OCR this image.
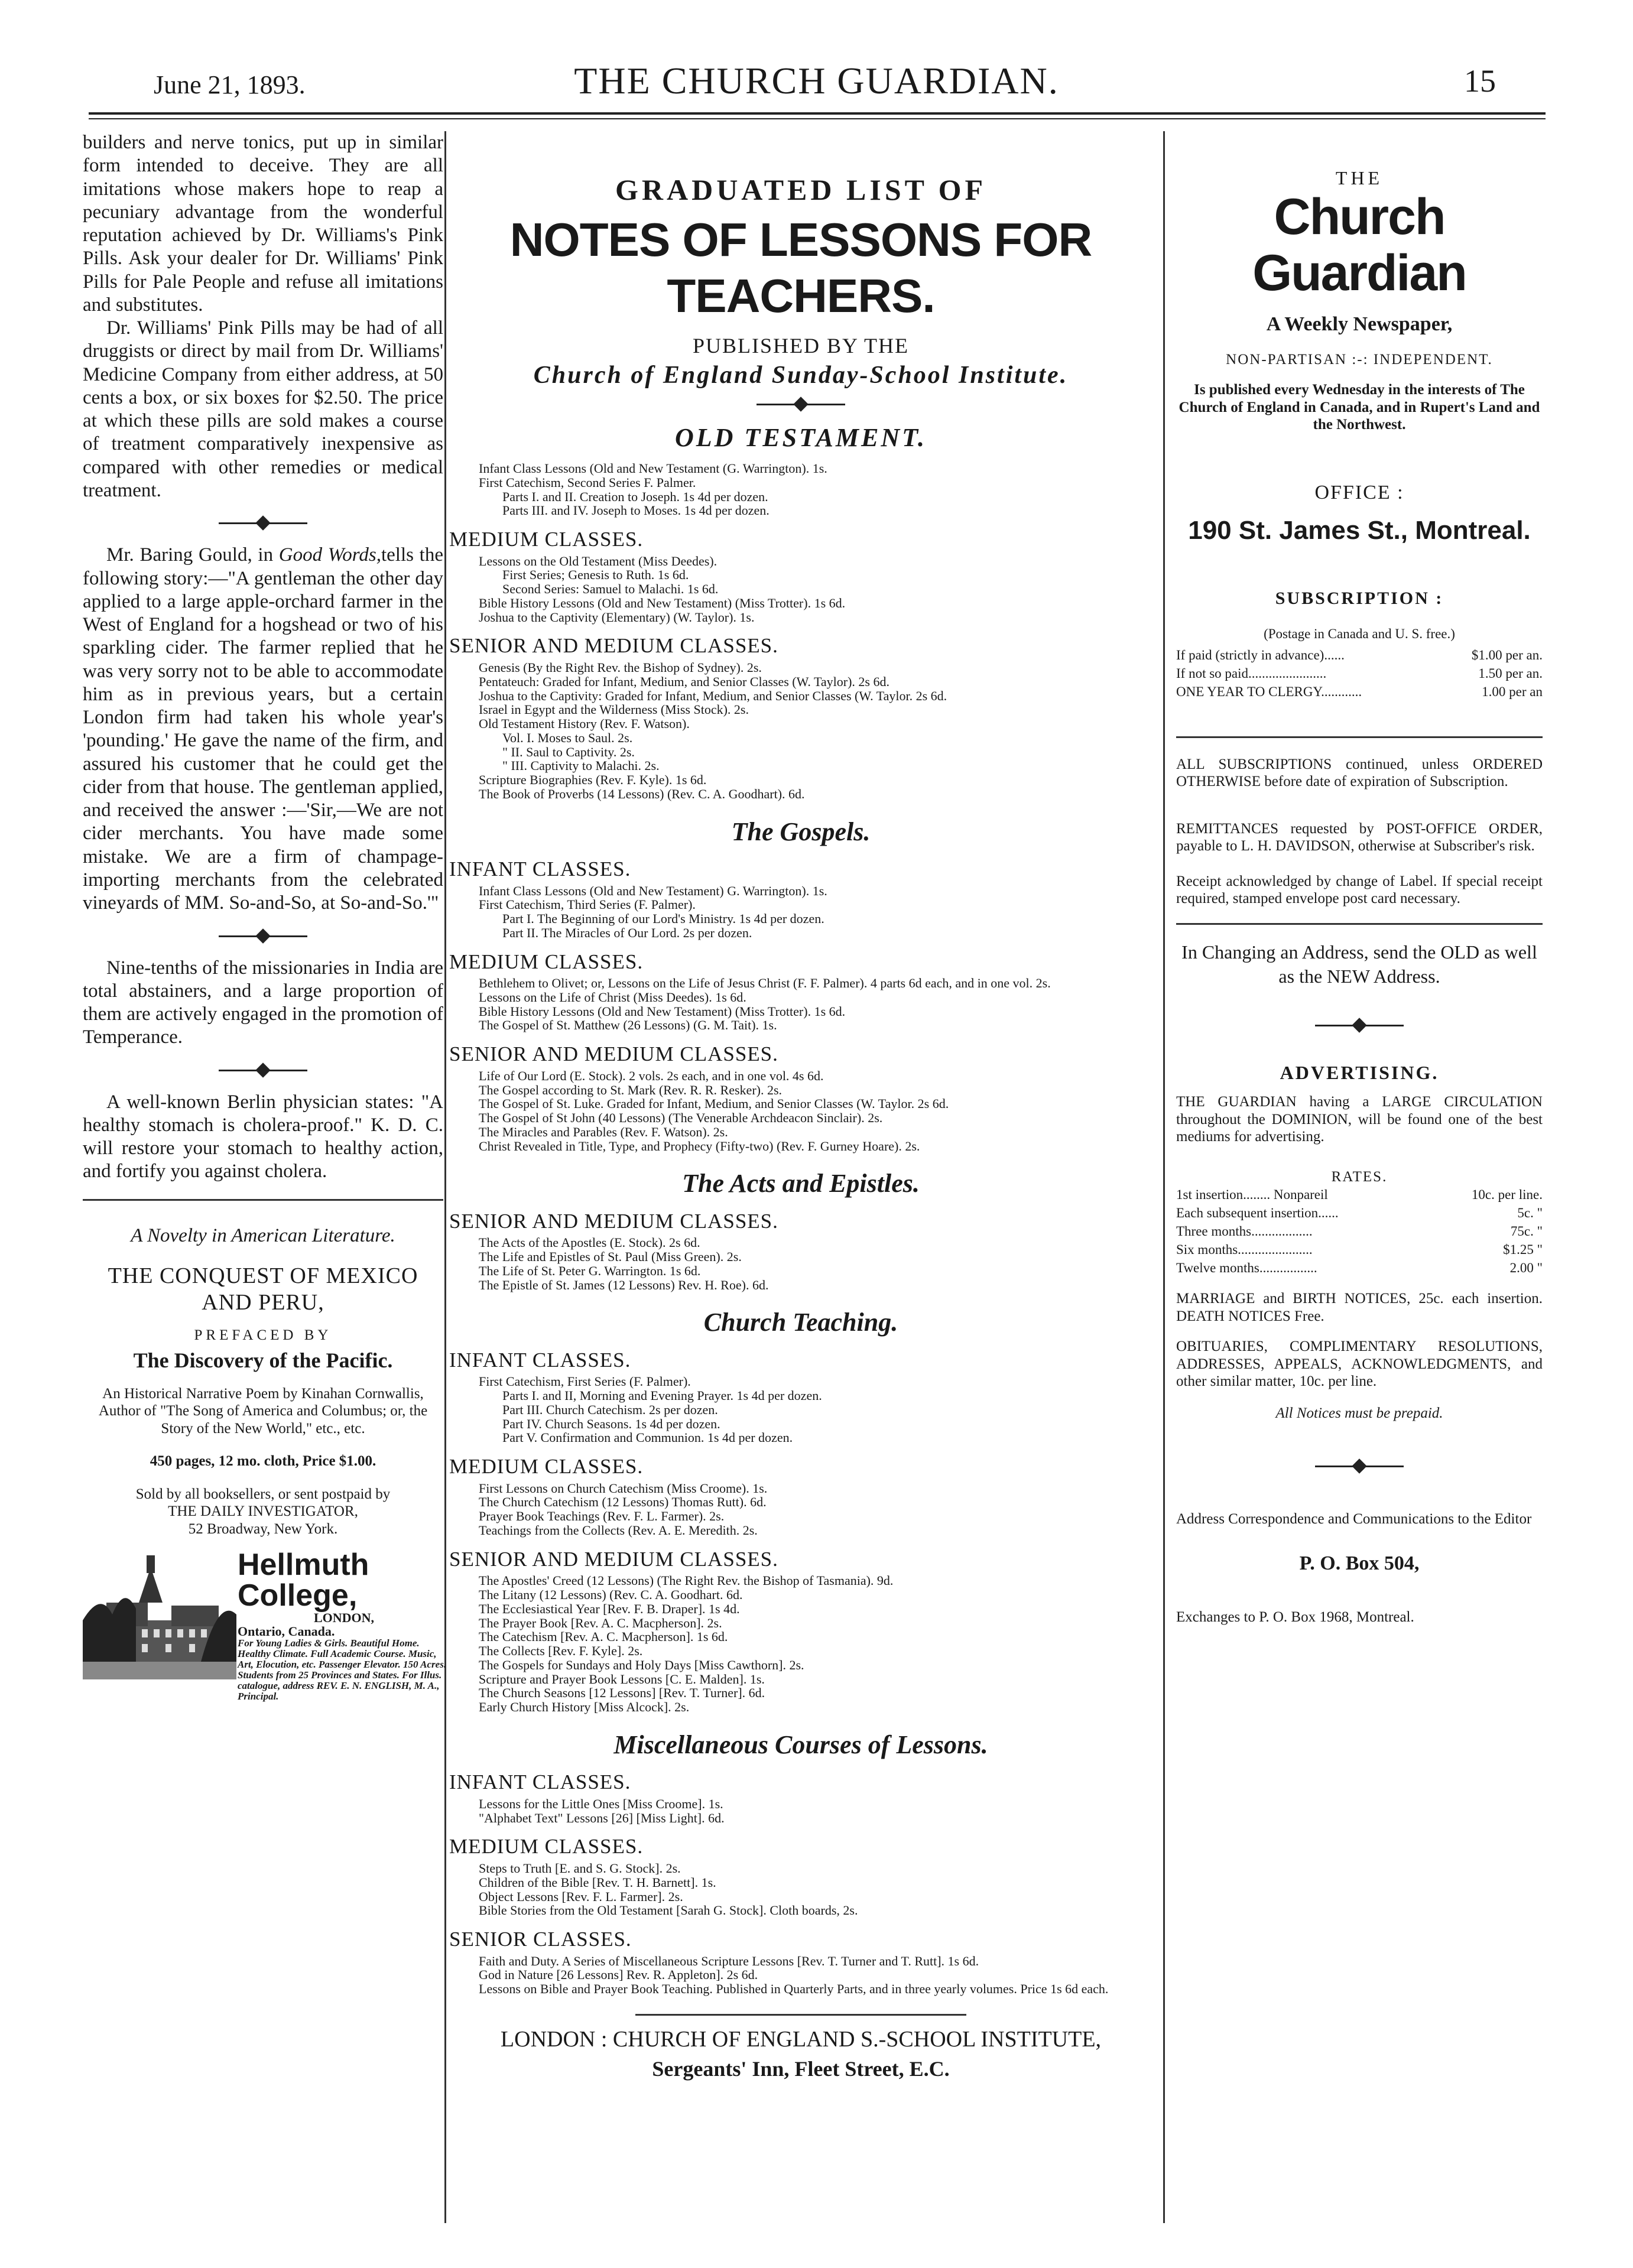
June 21, 1893.	THE CHURCH GUARDIAN.	15

builders and nerve tonics, put up in similar form intended to deceive. They are all imitations whose makers hope to reap a pecuniary advantage from the wonderful reputation achieved by Dr. Williams's Pink Pills. Ask your dealer for Dr. Williams' Pink Pills for Pale People and refuse all imitations and substitutes.

Dr. Williams' Pink Pills may be had of all druggists or direct by mail from Dr. Williams' Medicine Company from either address, at 50 cents a box, or six boxes for $2.50. The price at which these pills are sold makes a course of treatment comparatively inexpensive as compared with other remedies or medical treatment.

Mr. Baring Gould, in Good Words,tells the following story:—"A gentleman the other day applied to a large apple-orchard farmer in the West of England for a hogshead or two of his sparkling cider. The farmer replied that he was very sorry not to be able to accommodate him as in previous years, but a certain London firm had taken his whole year's 'pounding.' He gave the name of the firm, and assured his customer that he could get the cider from that house. The gentleman applied, and received the answer :—'Sir,—We are not cider merchants. You have made some mistake. We are a firm of champage-importing merchants from the celebrated vineyards of MM. So-and-So, at So-and-So.'"

Nine-tenths of the missionaries in India are total abstainers, and a large proportion of them are actively engaged in the promotion of Temperance.

A well-known Berlin physician states: "A healthy stomach is cholera-proof." K. D. C. will restore your stomach to healthy action, and fortify you against cholera.

A Novelty in American Literature.

THE CONQUEST OF MEXICO AND PERU,

PREFACED BY

The Discovery of the Pacific.

An Historical Narrative Poem by Kinahan Cornwallis, Author of "The Song of America and Columbus; or, the Story of the New World," etc., etc.

450 pages, 12 mo. cloth, Price $1.00.

Sold by all booksellers, or sent postpaid by

THE DAILY INVESTIGATOR,

52 Broadway, New York.

Hellmuth

College,

LONDON,

Ontario, Canada.

For Young Ladies & Girls. Beautiful Home. Healthy Climate. Full Academic Course. Music, Art, Elocution, etc. Passenger Elevator. 150 Acres. Students from 25 Provinces and States. For Illus. catalogue, address REV. E. N. ENGLISH, M. A., Principal.

GRADUATED LIST OF

NOTES OF LESSONS FOR TEACHERS.

PUBLISHED BY THE

Church of England Sunday-School Institute.

OLD TESTAMENT.

Infant Class Lessons (Old and New Testament (G. Warrington). 1s.
First Catechism, Second Series F. Palmer.
Parts I. and II. Creation to Joseph. 1s 4d per dozen.
Parts III. and IV. Joseph to Moses. 1s 4d per dozen.

MEDIUM CLASSES.

Lessons on the Old Testament (Miss Deedes).
First Series; Genesis to Ruth. 1s 6d.
Second Series: Samuel to Malachi. 1s 6d.
Bible History Lessons (Old and New Testament) (Miss Trotter). 1s 6d.
Joshua to the Captivity (Elementary) (W. Taylor). 1s.

SENIOR AND MEDIUM CLASSES.

Genesis (By the Right Rev. the Bishop of Sydney). 2s.
Pentateuch: Graded for Infant, Medium, and Senior Classes (W. Taylor). 2s 6d.
Joshua to the Captivity: Graded for Infant, Medium, and Senior Classes (W. Taylor. 2s 6d.
Israel in Egypt and the Wilderness (Miss Stock). 2s.
Old Testament History (Rev. F. Watson).
Vol. I. Moses to Saul. 2s.
" II. Saul to Captivity. 2s.
" III. Captivity to Malachi. 2s.
Scripture Biographies (Rev. F. Kyle). 1s 6d.
The Book of Proverbs (14 Lessons) (Rev. C. A. Goodhart). 6d.

The Gospels.

INFANT CLASSES.

Infant Class Lessons (Old and New Testament) G. Warrington). 1s.
First Catechism, Third Series (F. Palmer).
Part I. The Beginning of our Lord's Ministry. 1s 4d per dozen.
Part II. The Miracles of Our Lord. 2s per dozen.

MEDIUM CLASSES.

Bethlehem to Olivet; or, Lessons on the Life of Jesus Christ (F. F. Palmer). 4 parts 6d each, and in one vol. 2s.
Lessons on the Life of Christ (Miss Deedes). 1s 6d.
Bible History Lessons (Old and New Testament) (Miss Trotter). 1s 6d.
The Gospel of St. Matthew (26 Lessons) (G. M. Tait). 1s.

SENIOR AND MEDIUM CLASSES.

Life of Our Lord (E. Stock). 2 vols. 2s each, and in one vol. 4s 6d.
The Gospel according to St. Mark (Rev. R. R. Resker). 2s.
The Gospel of St. Luke. Graded for Infant, Medium, and Senior Classes (W. Taylor. 2s 6d.
The Gospel of St John (40 Lessons) (The Venerable Archdeacon Sinclair). 2s.
The Miracles and Parables (Rev. F. Watson). 2s.
Christ Revealed in Title, Type, and Prophecy (Fifty-two) (Rev. F. Gurney Hoare). 2s.

The Acts and Epistles.

SENIOR AND MEDIUM CLASSES.

The Acts of the Apostles (E. Stock). 2s 6d.
The Life and Epistles of St. Paul (Miss Green). 2s.
The Life of St. Peter G. Warrington. 1s 6d.
The Epistle of St. James (12 Lessons) Rev. H. Roe). 6d.

Church Teaching.

INFANT CLASSES.

First Catechism, First Series (F. Palmer).
Parts I. and II, Morning and Evening Prayer. 1s 4d per dozen.
Part III. Church Catechism. 2s per dozen.
Part IV. Church Seasons. 1s 4d per dozen.
Part V. Confirmation and Communion. 1s 4d per dozen.

MEDIUM CLASSES.

First Lessons on Church Catechism (Miss Croome). 1s.
The Church Catechism (12 Lessons) Thomas Rutt). 6d.
Prayer Book Teachings (Rev. F. L. Farmer). 2s.
Teachings from the Collects (Rev. A. E. Meredith. 2s.

SENIOR AND MEDIUM CLASSES.

The Apostles' Creed (12 Lessons) (The Right Rev. the Bishop of Tasmania). 9d.
The Litany (12 Lessons) (Rev. C. A. Goodhart. 6d.
The Ecclesiastical Year [Rev. F. B. Draper]. 1s 4d.
The Prayer Book [Rev. A. C. Macpherson]. 2s.
The Catechism [Rev. A. C. Macpherson]. 1s 6d.
The Collects [Rev. F. Kyle]. 2s.
The Gospels for Sundays and Holy Days [Miss Cawthorn]. 2s.
Scripture and Prayer Book Lessons [C. E. Malden]. 1s.
The Church Seasons [12 Lessons] [Rev. T. Turner]. 6d.
Early Church History [Miss Alcock]. 2s.

Miscellaneous Courses of Lessons.

INFANT CLASSES.

Lessons for the Little Ones [Miss Croome]. 1s.
"Alphabet Text" Lessons [26] [Miss Light]. 6d.

MEDIUM CLASSES.

Steps to Truth [E. and S. G. Stock]. 2s.
Children of the Bible [Rev. T. H. Barnett]. 1s.
Object Lessons [Rev. F. L. Farmer]. 2s.
Bible Stories from the Old Testament [Sarah G. Stock]. Cloth boards, 2s.

SENIOR CLASSES.

Faith and Duty. A Series of Miscellaneous Scripture Lessons [Rev. T. Turner and T. Rutt]. 1s 6d.
God in Nature [26 Lessons] Rev. R. Appleton]. 2s 6d.
Lessons on Bible and Prayer Book Teaching. Published in Quarterly Parts, and in three yearly volumes. Price 1s 6d each.

LONDON : CHURCH OF ENGLAND S.-SCHOOL INSTITUTE,

Sergeants' Inn, Fleet Street, E.C.

THE

Church Guardian

A Weekly Newspaper,

NON-PARTISAN :-: INDEPENDENT.

Is published every Wednesday in the interests of The Church of England in Canada, and in Rupert's Land and the Northwest.

OFFICE :

190 St. James St., Montreal.

SUBSCRIPTION :

(Postage in Canada and U. S. free.)

If paid (strictly in advance)......	$1.00 per an.
If not so paid.......................	1.50 per an.
ONE YEAR TO CLERGY............	1.00 per an

ALL SUBSCRIPTIONS continued, unless ORDERED OTHERWISE before date of expiration of Subscription.

REMITTANCES requested by POST-OFFICE ORDER, payable to L. H. DAVIDSON, otherwise at Subscriber's risk.

Receipt acknowledged by change of Label. If special receipt required, stamped envelope post card necessary.

In Changing an Address, send the OLD as well as the NEW Address.

ADVERTISING.

THE GUARDIAN having a LARGE CIRCULATION throughout the DOMINION, will be found one of the best mediums for advertising.

RATES.

1st insertion........ Nonpareil	10c. per line.
Each subsequent insertion......	5c. "
Three months..................	75c. "
Six months......................	$1.25 "
Twelve months.................	2.00 "

MARRIAGE and BIRTH NOTICES, 25c. each insertion. DEATH NOTICES Free.

OBITUARIES, COMPLIMENTARY RESOLUTIONS, ADDRESSES, APPEALS, ACKNOWLEDGMENTS, and other similar matter, 10c. per line.

All Notices must be prepaid.

Address Correspondence and Communications to the Editor

P. O. Box 504,

Exchanges to P. O. Box 1968, Montreal.
